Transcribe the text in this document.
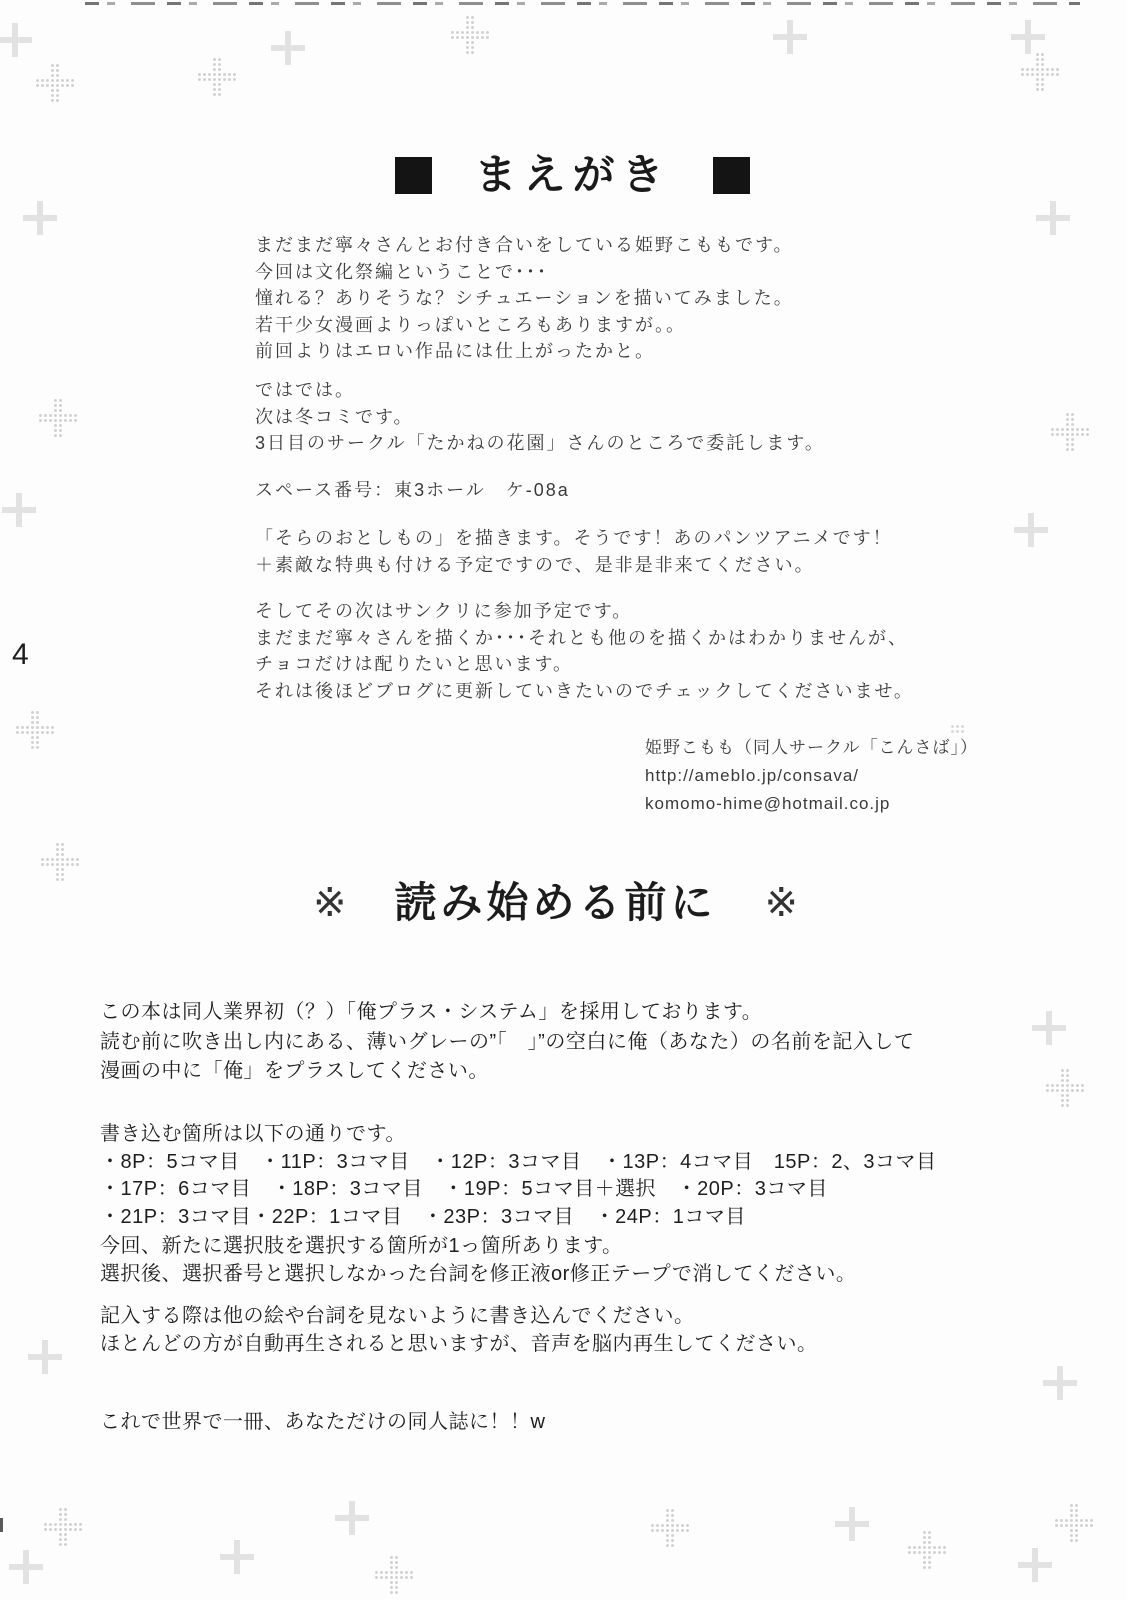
4
まえがき
まだまだ寧々さんとお付き合いをしている姫野こももです。
今回は文化祭編ということで･･･
憧れる？ありそうな？シチュエーションを描いてみました。
若干少女漫画よりっぽいところもありますが。。
前回よりはエロい作品には仕上がったかと。
ではでは。
次は冬コミです。
3日目のサークル「たかねの花園」さんのところで委託します。
スペース番号：東3ホール　ケ-08a
「そらのおとしもの」を描きます。そうです！あのパンツアニメです！
＋素敵な特典も付ける予定ですので、是非是非来てください。
そしてその次はサンクリに参加予定です。
まだまだ寧々さんを描くか･･･それとも他のを描くかはわかりませんが、
チョコだけは配りたいと思います。
それは後ほどブログに更新していきたいのでチェックしてくださいませ。
姫野こもも（同人サークル「こんさば」）
http://ameblo.jp/consava/
komomo-hime@hotmail.co.jp
※ 読み始める前に ※
この本は同人業界初（？）「俺プラス・システム」を採用しております。
読む前に吹き出し内にある、薄いグレーの”「　」”の空白に俺（あなた）の名前を記入して
漫画の中に「俺」をプラスしてください。
書き込む箇所は以下の通りです。
・8P：5コマ目　・11P：3コマ目　・12P：3コマ目　・13P：4コマ目　15P：2、3コマ目
・17P：6コマ目　・18P：3コマ目　・19P：5コマ目＋選択　・20P：3コマ目
・21P：3コマ目・22P：1コマ目　・23P：3コマ目　・24P：1コマ目
今回、新たに選択肢を選択する箇所が1っ箇所あります。
選択後、選択番号と選択しなかった台詞を修正液or修正テープで消してください。
記入する際は他の絵や台詞を見ないように書き込んでください。
ほとんどの方が自動再生されると思いますが、音声を脳内再生してください。
これで世界で一冊、あなただけの同人誌に！！w
